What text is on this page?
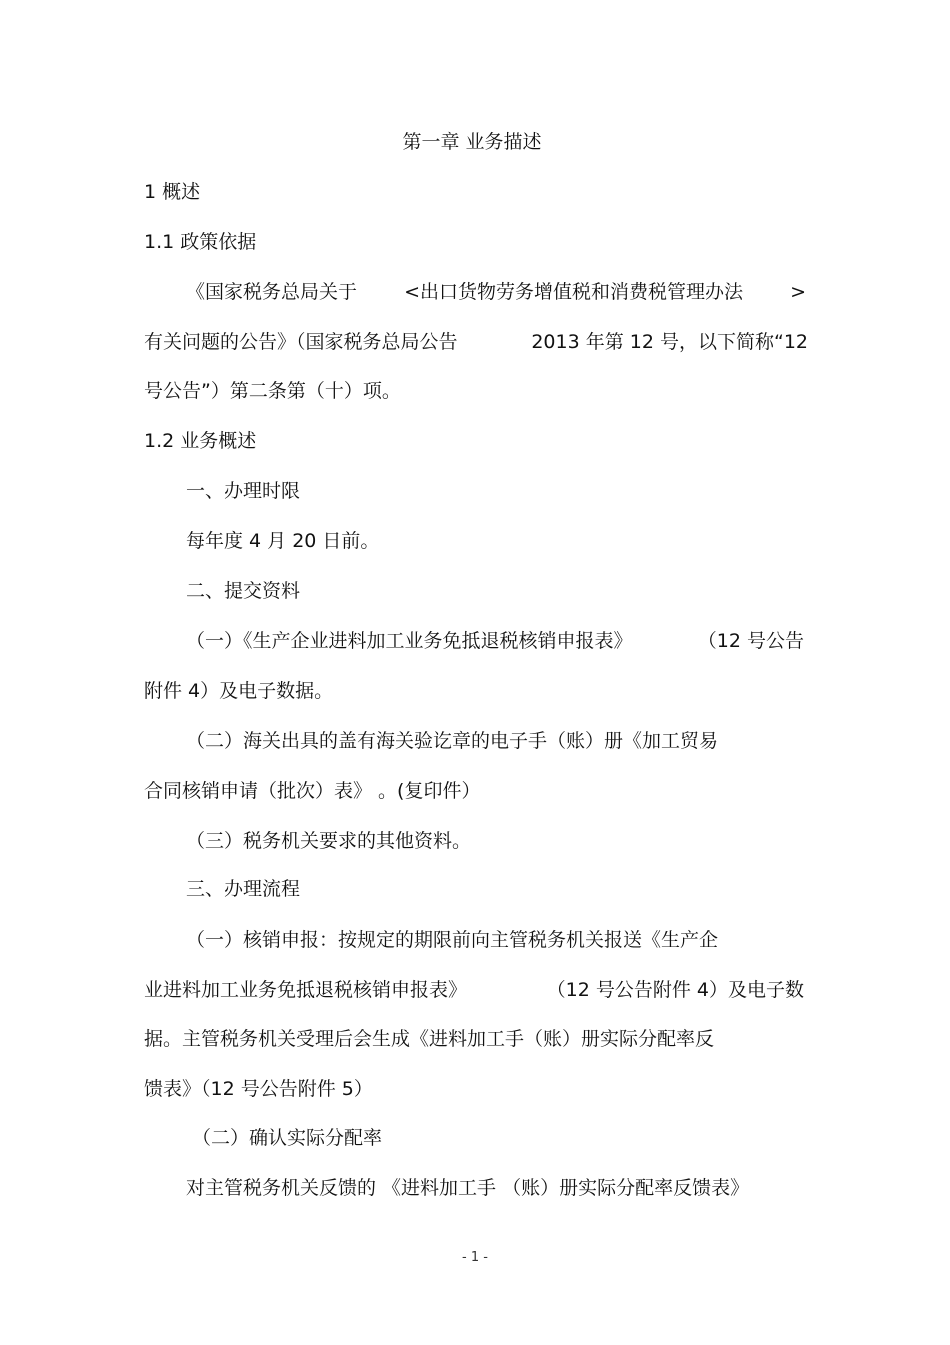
第一章 业务描述
1 概述
1.1 政策依据
《国家税务总局关于 <出口货物劳务增值税和消费税管理办法 >
有关问题的公告》（国家税务总局公告	2013 年第 12 号，以下简称“12
号公告”）第二条第（十）项。
1.2 业务概述
一、办理时限
每年度 4 月 20 日前。
二、提交资料
（一）《生产企业进料加工业务免抵退税核销申报表》	（12 号公告
附件 4）及电子数据。
（二）海关出具的盖有海关验讫章的电子手（账）册《加工贸易
合同核销申请（批次）表》 。(复印件）
（三）税务机关要求的其他资料。
三、办理流程
（一）核销申报：按规定的期限前向主管税务机关报送《生产企
业进料加工业务免抵退税核销申报表》	（12 号公告附件 4）及电子数
据。主管税务机关受理后会生成《进料加工手（账）册实际分配率反
馈表》（12 号公告附件 5）
（二）确认实际分配率
对主管税务机关反馈的 《进料加工手 （账）册实际分配率反馈表》
- 1 -
